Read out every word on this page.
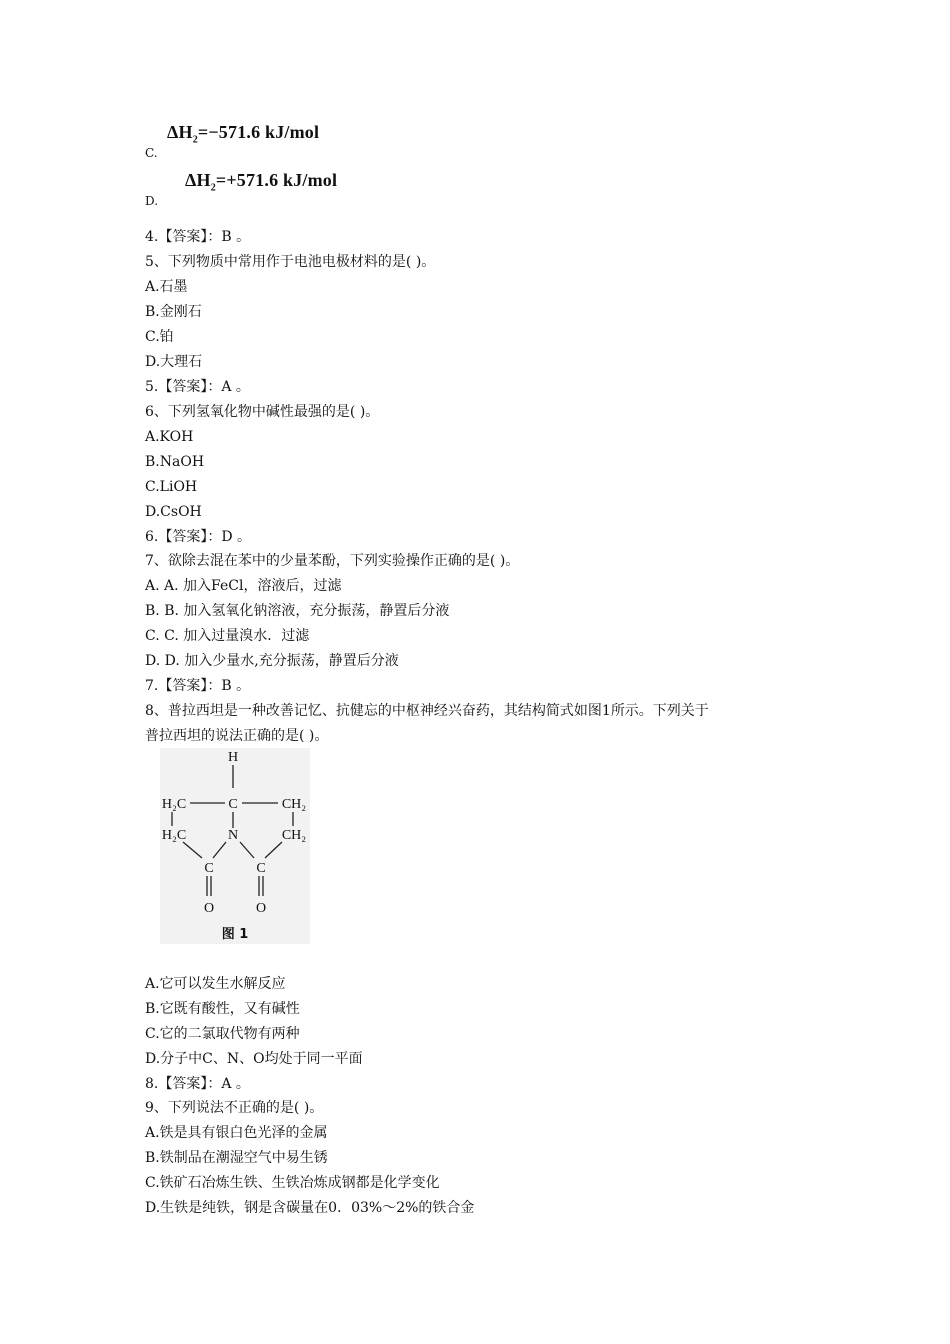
C.
$\Delta H_2=-571.6$ kJ/mol
D.
$\Delta H_2=+571.6$ kJ/mol
4.【答案】：B 。
5、下列物质中常用作于电池电极材料的是( )。
A.石墨
B.金刚石
C.铂
D.大理石
5.【答案】：A 。
6、下列氢氧化物中碱性最强的是( )。
A.KOH
B.NaOH
C.LiOH
D.CsOH
6.【答案】：D 。
7、欲除去混在苯中的少量苯酚，下列实验操作正确的是( )。
A. A. 加入FeCl，溶液后，过滤
B. B. 加入氢氧化钠溶液，充分振荡，静置后分液
C. C. 加入过量溴水．过滤
D. D. 加入少量水,充分振荡，静置后分液
7.【答案】：B 。
8、普拉西坦是一种改善记忆、抗健忘的中枢神经兴奋药，其结构简式如图1所示。下列关于
普拉西坦的说法正确的是( )。
H
C
H₂C	CH₂
H₂C	N	CH₂
C	C
O	O
图 1
A.它可以发生水解反应
B.它既有酸性，又有碱性
C.它的二氯取代物有两种
D.分子中C、N、O均处于同一平面
8.【答案】：A 。
9、下列说法不正确的是( )。
A.铁是具有银白色光泽的金属
B.铁制品在潮湿空气中易生锈
C.铁矿石冶炼生铁、生铁冶炼成钢都是化学变化
D.生铁是纯铁，钢是含碳量在0．03%～2%的铁合金
